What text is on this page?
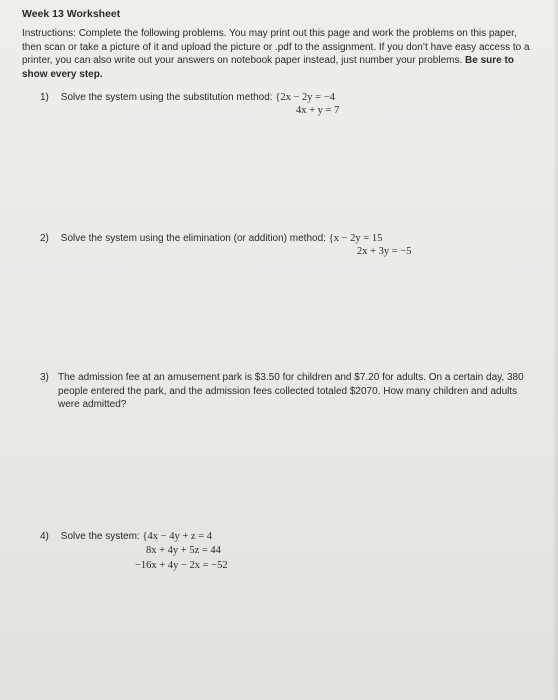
Week 13 Worksheet
Instructions: Complete the following problems. You may print out this page and work the problems on this paper, then scan or take a picture of it and upload the picture or .pdf to the assignment. If you don’t have easy access to a printer, you can also write out your answers on notebook paper instead, just number your problems. Be sure to show every step.
1) Solve the system using the substitution method: {2x − 2y = −4
4x + y = 7
2) Solve the system using the elimination (or addition) method: {x − 2y = 15
2x + 3y = −5
3) The admission fee at an amusement park is $3.50 for children and $7.20 for adults. On a certain day, 380 people entered the park, and the admission fees collected totaled $2070. How many children and adults were admitted?
4) Solve the system: {4x − 4y + z = 4
8x + 4y + 5z = 44
−16x + 4y − 2x = −52
